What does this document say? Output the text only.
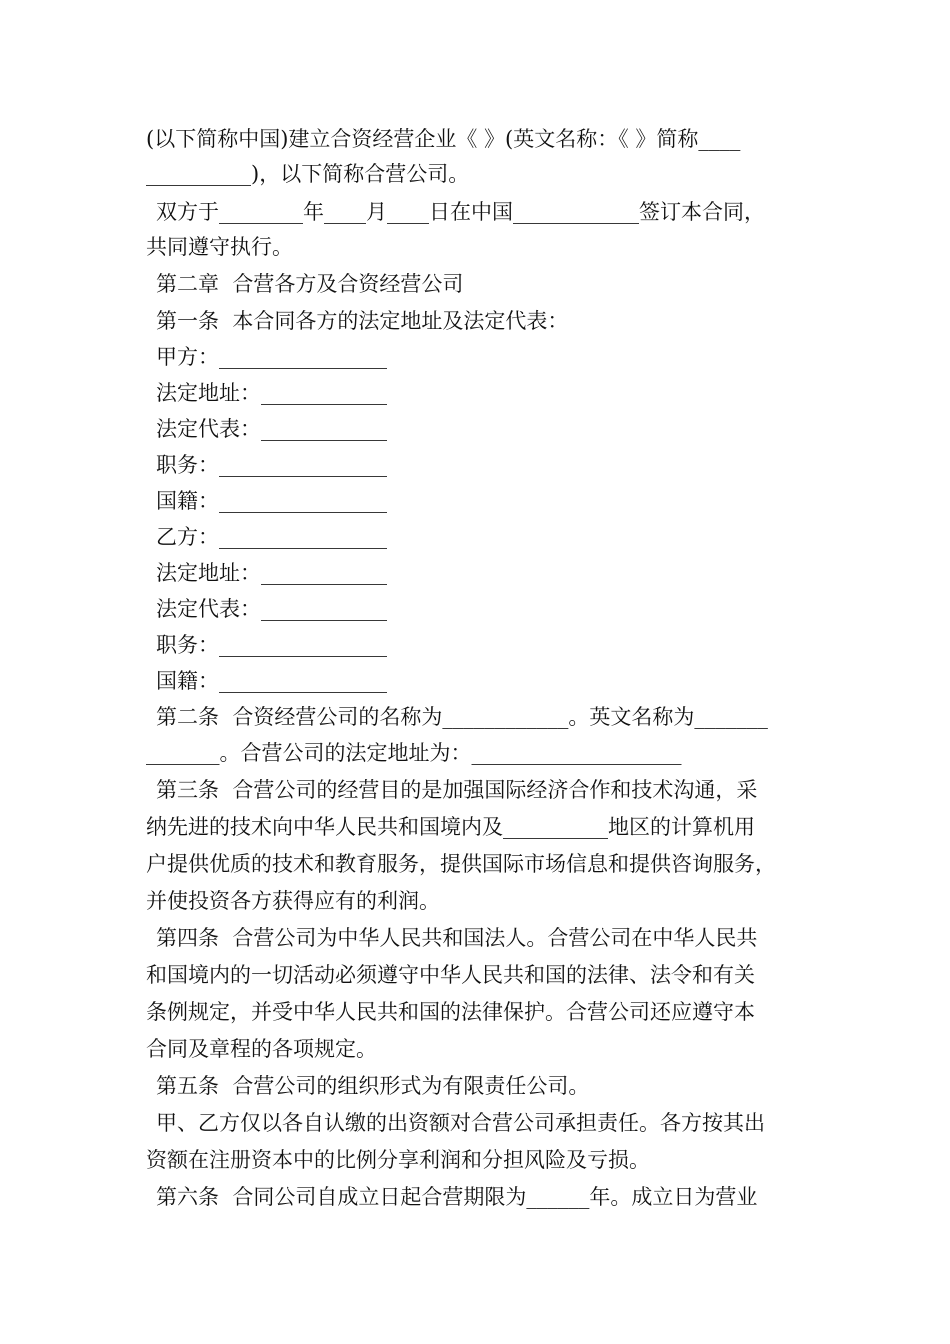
(以下简称中国)建立合资经营企业《 》(英文名称：《 》简称____
__________)，以下简称合营公司。
双方于________年____月____日在中国____________签订本合同，
共同遵守执行。
第二章  合营各方及合资经营公司
第一条  本合同各方的法定地址及法定代表：
甲方：________________
法定地址：____________
法定代表：____________
职务：________________
国籍：________________
乙方：________________
法定地址：____________
法定代表：____________
职务：________________
国籍：________________
第二条  合资经营公司的名称为____________。英文名称为_______
_______。合营公司的法定地址为：____________________
第三条  合营公司的经营目的是加强国际经济合作和技术沟通，采
纳先进的技术向中华人民共和国境内及__________地区的计算机用
户提供优质的技术和教育服务，提供国际市场信息和提供咨询服务，
并使投资各方获得应有的利润。
第四条  合营公司为中华人民共和国法人。合营公司在中华人民共
和国境内的一切活动必须遵守中华人民共和国的法律、法令和有关
条例规定，并受中华人民共和国的法律保护。合营公司还应遵守本
合同及章程的各项规定。
第五条  合营公司的组织形式为有限责任公司。
甲、乙方仅以各自认缴的出资额对合营公司承担责任。各方按其出
资额在注册资本中的比例分享利润和分担风险及亏损。
第六条  合同公司自成立日起合营期限为______年。成立日为营业
